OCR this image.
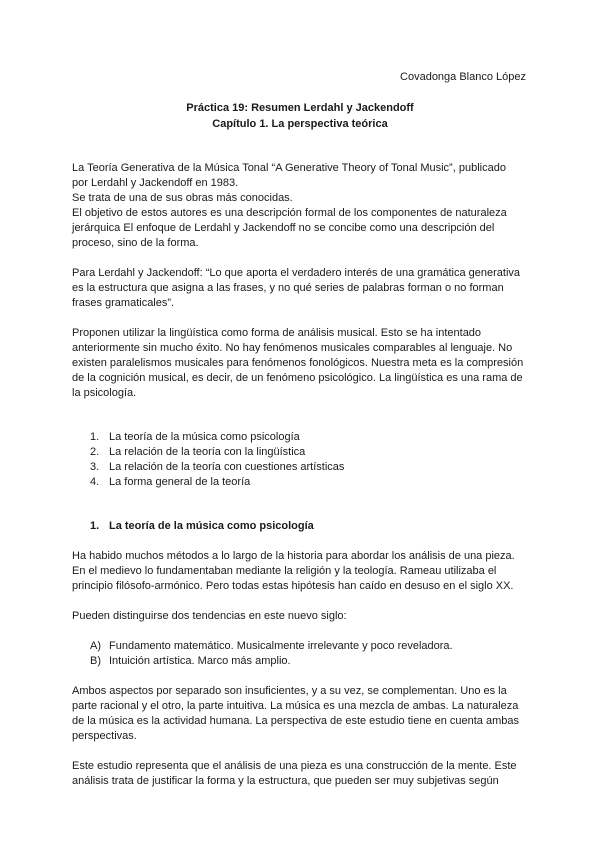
Covadonga Blanco López
Práctica 19: Resumen Lerdahl y Jackendoff
Capítulo 1. La perspectiva teórica
La Teoría Generativa de la Música Tonal “A Generative Theory of Tonal Music”, publicado
por Lerdahl y Jackendoff en 1983.
Se trata de una de sus obras más conocidas.
El objetivo de estos autores es una descripción formal de los componentes de naturaleza
jerárquica El enfoque de Lerdahl y Jackendoff no se concibe como una descripción del
proceso, sino de la forma.
Para Lerdahl y Jackendoff: “Lo que aporta el verdadero interés de una gramática generativa
es la estructura que asigna a las frases, y no qué series de palabras forman o no forman
frases gramaticales”.
Proponen utilizar la lingüística como forma de análisis musical. Esto se ha intentado
anteriormente sin mucho éxito. No hay fenómenos musicales comparables al lenguaje. No
existen paralelismos musicales para fenómenos fonológicos. Nuestra meta es la compresión
de la cognición musical, es decir, de un fenómeno psicológico. La lingüística es una rama de
la psicología.
1. La teoría de la música como psicología
2. La relación de la teoría con la lingüística
3. La relación de la teoría con cuestiones artísticas
4. La forma general de la teoría
1. La teoría de la música como psicología
Ha habido muchos métodos a lo largo de la historia para abordar los análisis de una pieza.
En el medievo lo fundamentaban mediante la religión y la teología. Rameau utilizaba el
principio filósofo-armónico. Pero todas estas hipótesis han caído en desuso en el siglo XX.
Pueden distinguirse dos tendencias en este nuevo siglo:
A) Fundamento matemático. Musicalmente irrelevante y poco reveladora.
B) Intuición artística. Marco más amplio.
Ambos aspectos por separado son insuficientes, y a su vez, se complementan. Uno es la
parte racional y el otro, la parte intuitiva. La música es una mezcla de ambas. La naturaleza
de la música es la actividad humana. La perspectiva de este estudio tiene en cuenta ambas
perspectivas.
Este estudio representa que el análisis de una pieza es una construcción de la mente. Este
análisis trata de justificar la forma y la estructura, que pueden ser muy subjetivas según
